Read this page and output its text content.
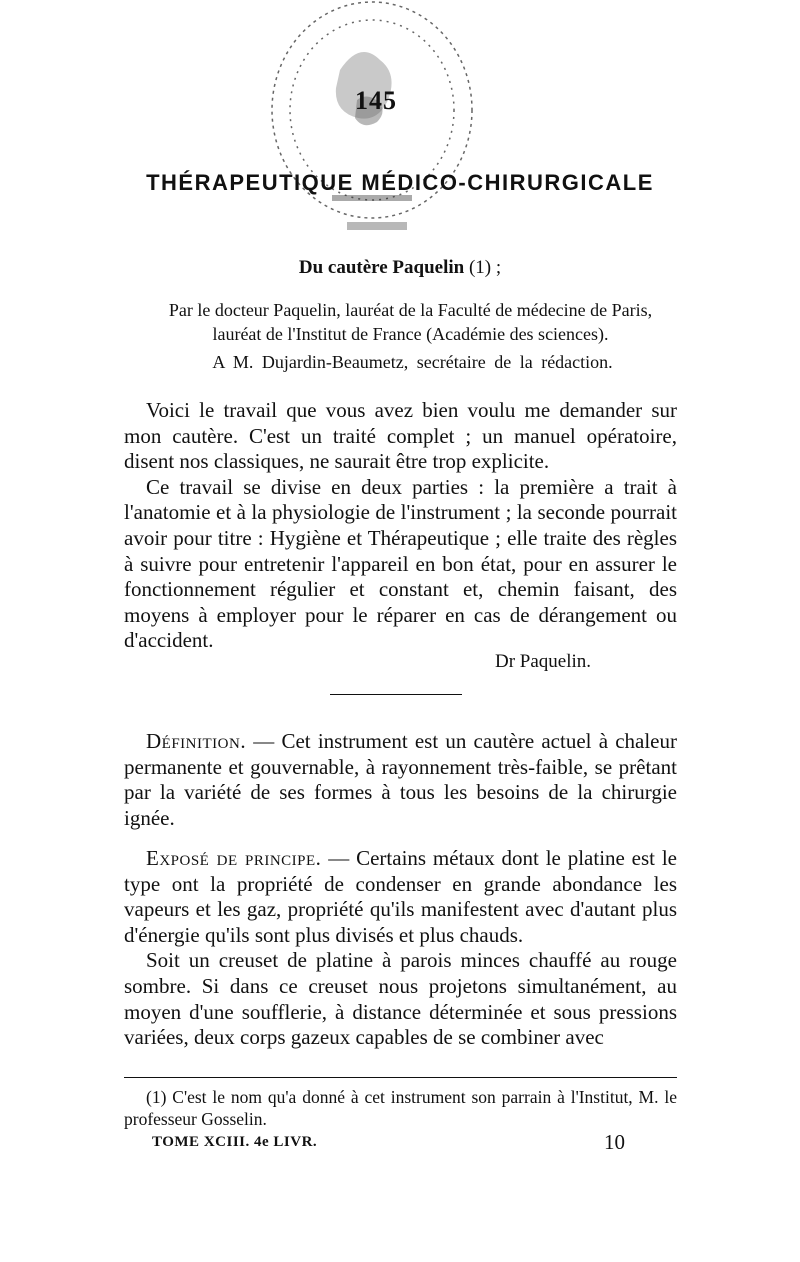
145
THÉRAPEUTIQUE MÉDICO-CHIRURGICALE
Du cautère Paquelin (1) ;
Par le docteur Paquelin, lauréat de la Faculté de médecine de Paris,
lauréat de l'Institut de France (Académie des sciences).
A M. Dujardin-Beaumetz, secrétaire de la rédaction.

Voici le travail que vous avez bien voulu me demander sur mon cautère. C'est un traité complet ; un manuel opératoire, disent nos classiques, ne saurait être trop explicite.

Ce travail se divise en deux parties : la première a trait à l'anatomie et à la physiologie de l'instrument ; la seconde pourrait avoir pour titre : Hygiène et Thérapeutique ; elle traite des règles à suivre pour entretenir l'appareil en bon état, pour en assurer le fonctionnement régulier et constant et, chemin faisant, des moyens à employer pour le réparer en cas de dérangement ou d'accident.

Dr Paquelin.

Définition. — Cet instrument est un cautère actuel à chaleur permanente et gouvernable, à rayonnement très-faible, se prêtant par la variété de ses formes à tous les besoins de la chirurgie ignée.

Exposé de principe. — Certains métaux dont le platine est le type ont la propriété de condenser en grande abondance les vapeurs et les gaz, propriété qu'ils manifestent avec d'autant plus d'énergie qu'ils sont plus divisés et plus chauds.

Soit un creuset de platine à parois minces chauffé au rouge sombre. Si dans ce creuset nous projetons simultanément, au moyen d'une soufflerie, à distance déterminée et sous pressions variées, deux corps gazeux capables de se combiner avec

(1) C'est le nom qu'a donné à cet instrument son parrain à l'Institut, M. le professeur Gosselin.

TOME XCIII. 4e LIVR.	10
